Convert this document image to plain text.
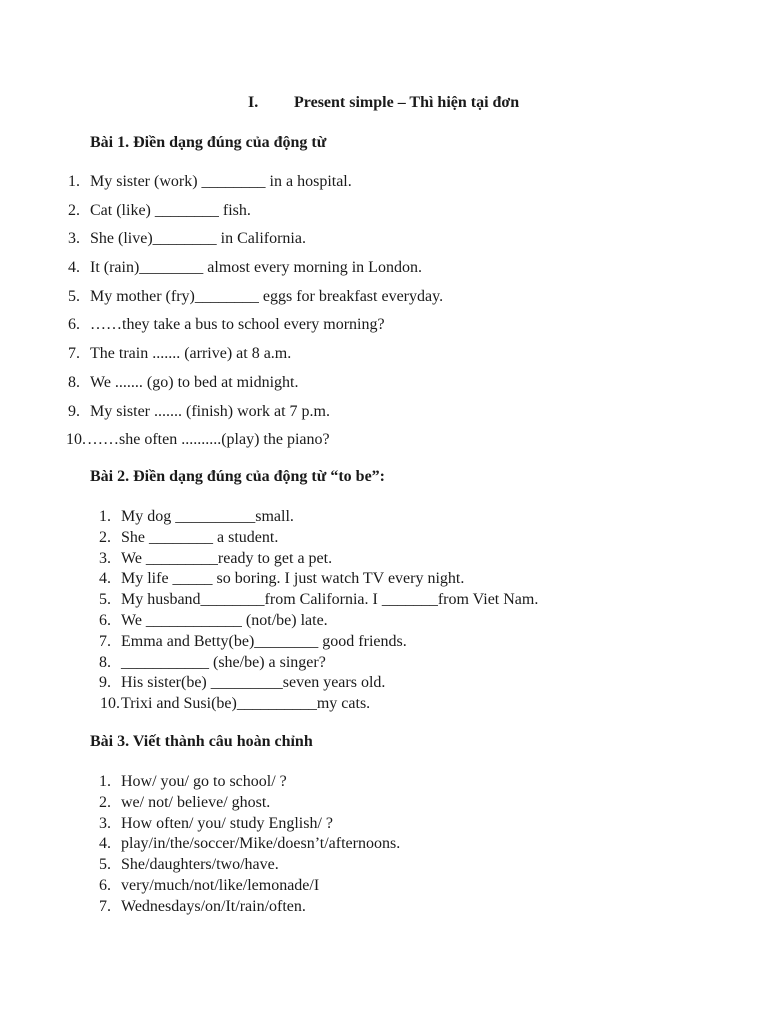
I. Present simple – Thì hiện tại đơn
Bài 1. Điền dạng đúng của động từ
1. My sister (work) ________ in a hospital.
2. Cat (like) ________ fish.
3. She (live)________ in California.
4. It (rain)________ almost every morning in London.
5. My mother (fry)________ eggs for breakfast everyday.
6. ……they take a bus to school every morning?
7. The train ....... (arrive) at 8 a.m.
8. We ....... (go) to bed at midnight.
9. My sister ....... (finish) work at 7 p.m.
10. ……she often ..........(play) the piano?
Bài 2. Điền dạng đúng của động từ “to be”:
1. My dog __________small.
2. She ________ a student.
3. We _________ready to get a pet.
4. My life _____ so boring. I just watch TV every night.
5. My husband________from California. I _______from Viet Nam.
6. We ____________ (not/be) late.
7. Emma and Betty(be)________ good friends.
8. ___________ (she/be) a singer?
9. His sister(be) _________seven years old.
10. Trixi and Susi(be)__________my cats.
Bài 3. Viết thành câu hoàn chỉnh
1. How/ you/ go to school/ ?
2. we/ not/ believe/ ghost.
3. How often/ you/ study English/ ?
4. play/in/the/soccer/Mike/doesn’t/afternoons.
5. She/daughters/two/have.
6. very/much/not/like/lemonade/I
7. Wednesdays/on/It/rain/often.
